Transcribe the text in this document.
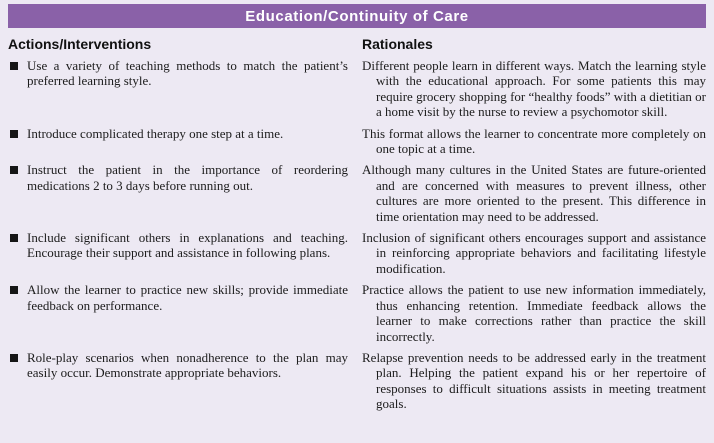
Education/Continuity of Care
Actions/Interventions	Rationales
Use a variety of teaching methods to match the patient’s preferred learning style.
Different people learn in different ways. Match the learning style with the educational approach. For some patients this may require grocery shopping for “healthy foods” with a dietitian or a home visit by the nurse to review a psychomotor skill.
Introduce complicated therapy one step at a time.	This format allows the learner to concentrate more completely on one topic at a time.
Instruct the patient in the importance of reordering medications 2 to 3 days before running out.
Although many cultures in the United States are future-oriented and are concerned with measures to prevent illness, other cultures are more oriented to the present. This difference in time orientation may need to be addressed.
Include significant others in explanations and teaching. Encourage their support and assistance in following plans.
Inclusion of significant others encourages support and assistance in reinforcing appropriate behaviors and facilitating lifestyle modification.
Allow the learner to practice new skills; provide immediate feedback on performance.
Practice allows the patient to use new information immediately, thus enhancing retention. Immediate feedback allows the learner to make corrections rather than practice the skill incorrectly.
Role-play scenarios when nonadherence to the plan may easily occur. Demonstrate appropriate behaviors.
Relapse prevention needs to be addressed early in the treatment plan. Helping the patient expand his or her repertoire of responses to difficult situations assists in meeting treatment goals.
